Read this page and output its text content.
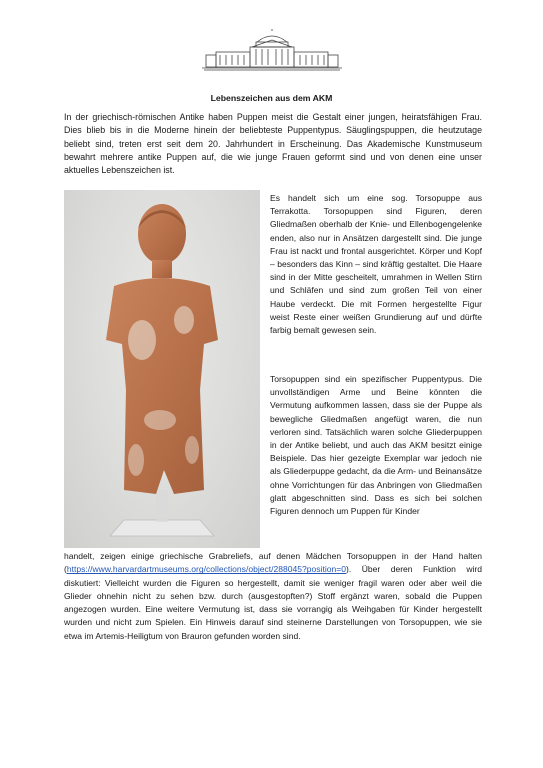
Lebenszeichen aus dem AKM

In der griechisch-römischen Antike haben Puppen meist die Gestalt einer jungen, heiratsfähigen Frau. Dies blieb bis in die Moderne hinein der beliebteste Puppentypus. Säuglingspuppen, die heutzutage beliebt sind, treten erst seit dem 20. Jahrhundert in Erscheinung. Das Akademische Kunstmuseum bewahrt mehrere antike Puppen auf, die wie junge Frauen geformt sind und von denen eine unser aktuelles Lebenszeichen ist.

Es handelt sich um eine sog. Torsopuppe aus Terrakotta. Torsopuppen sind Figuren, deren Gliedmaßen oberhalb der Knie- und Ellenbogengelenke enden, also nur in Ansätzen dargestellt sind. Die junge Frau ist nackt und frontal ausgerichtet. Körper und Kopf – besonders das Kinn – sind kräftig gestaltet. Die Haare sind in der Mitte gescheitelt, umrahmen in Wellen Stirn und Schläfen und sind zum großen Teil von einer Haube verdeckt. Die mit Formen hergestellte Figur weist Reste einer weißen Grundierung auf und dürfte farbig bemalt gewesen sein.

Torsopuppen sind ein spezifischer Puppentypus. Die unvollständigen Arme und Beine könnten die Vermutung aufkommen lassen, dass sie der Puppe als bewegliche Gliedmaßen angefügt waren, die nun verloren sind. Tatsächlich waren solche Gliederpuppen in der Antike beliebt, und auch das AKM besitzt einige Beispiele. Das hier gezeigte Exemplar war jedoch nie als Gliederpuppe gedacht, da die Arm- und Beinansätze ohne Vorrichtungen für das Anbringen von Gliedmaßen glatt abgeschnitten sind. Dass es sich bei solchen Figuren dennoch um Puppen für Kinder

handelt, zeigen einige griechische Grabreliefs, auf denen Mädchen Torsopuppen in der Hand halten (https://www.harvardartmuseums.org/collections/object/288045?position=0). Über deren Funktion wird diskutiert: Vielleicht wurden die Figuren so hergestellt, damit sie weniger fragil waren oder aber weil die Glieder ohnehin nicht zu sehen bzw. durch (ausgestopften?) Stoff ergänzt waren, sobald die Puppen angezogen wurden. Eine weitere Vermutung ist, dass sie vorrangig als Weihgaben für Kinder hergestellt wurden und nicht zum Spielen. Ein Hinweis darauf sind steinerne Darstellungen von Torsopuppen, wie sie etwa im Artemis-Heiligtum von Brauron gefunden worden sind.
